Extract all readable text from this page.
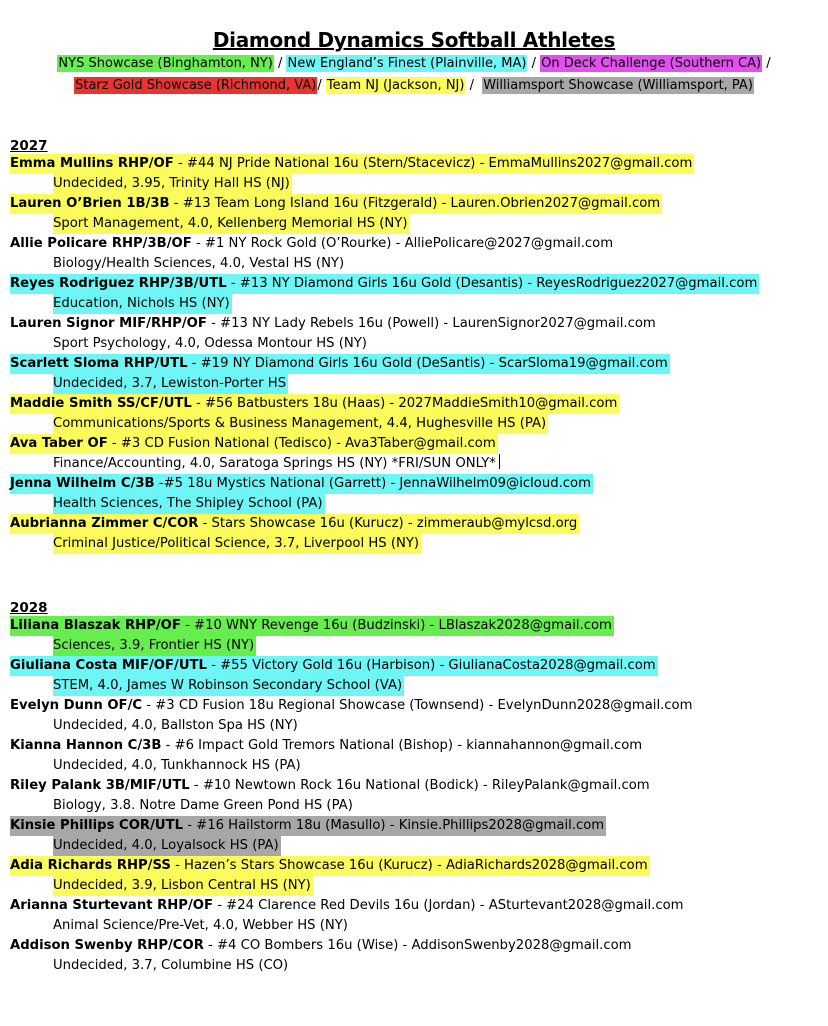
Diamond Dynamics Softball Athletes
NYS Showcase (Binghamton, NY) / New England’s Finest (Plainville, MA) / On Deck Challenge (Southern CA) /
Starz Gold Showcase (Richmond, VA)/ Team NJ (Jackson, NJ) /  Williamsport Showcase (Williamsport, PA)
2027
Emma Mullins RHP/OF - #44 NJ Pride National 16u (Stern/Stacevicz) - EmmaMullins2027@gmail.com
Undecided, 3.95, Trinity Hall HS (NJ)
Lauren O’Brien 1B/3B - #13 Team Long Island 16u (Fitzgerald) - Lauren.Obrien2027@gmail.com
Sport Management, 4.0, Kellenberg Memorial HS (NY)
Allie Policare RHP/3B/OF - #1 NY Rock Gold (O’Rourke) - AlliePolicare@2027@gmail.com
Biology/Health Sciences, 4.0, Vestal HS (NY)
Reyes Rodriguez RHP/3B/UTL - #13 NY Diamond Girls 16u Gold (Desantis) - ReyesRodriguez2027@gmail.com
Education, Nichols HS (NY)
Lauren Signor MIF/RHP/OF - #13 NY Lady Rebels 16u (Powell) - LaurenSignor2027@gmail.com
Sport Psychology, 4.0, Odessa Montour HS (NY)
Scarlett Sloma RHP/UTL - #19 NY Diamond Girls 16u Gold (DeSantis) - ScarSloma19@gmail.com
Undecided, 3.7, Lewiston-Porter HS
Maddie Smith SS/CF/UTL - #56 Batbusters 18u (Haas) - 2027MaddieSmith10@gmail.com
Communications/Sports & Business Management, 4.4, Hughesville HS (PA)
Ava Taber OF - #3 CD Fusion National (Tedisco) - Ava3Taber@gmail.com
Finance/Accounting, 4.0, Saratoga Springs HS (NY) *FRI/SUN ONLY*
Jenna Wilhelm C/3B -#5 18u Mystics National (Garrett) - JennaWilhelm09@icloud.com
Health Sciences, The Shipley School (PA)
Aubrianna Zimmer C/COR - Stars Showcase 16u (Kurucz) - zimmeraub@mylcsd.org
Criminal Justice/Political Science, 3.7, Liverpool HS (NY)
2028
Liliana Blaszak RHP/OF - #10 WNY Revenge 16u (Budzinski) - LBlaszak2028@gmail.com
Sciences, 3.9, Frontier HS (NY)
Giuliana Costa MIF/OF/UTL - #55 Victory Gold 16u (Harbison) - GiulianaCosta2028@gmail.com
STEM, 4.0, James W Robinson Secondary School (VA)
Evelyn Dunn OF/C - #3 CD Fusion 18u Regional Showcase (Townsend) - EvelynDunn2028@gmail.com
Undecided, 4.0, Ballston Spa HS (NY)
Kianna Hannon C/3B - #6 Impact Gold Tremors National (Bishop) - kiannahannon@gmail.com
Undecided, 4.0, Tunkhannock HS (PA)
Riley Palank 3B/MIF/UTL - #10 Newtown Rock 16u National (Bodick) - RileyPalank@gmail.com
Biology, 3.8. Notre Dame Green Pond HS (PA)
Kinsie Phillips COR/UTL - #16 Hailstorm 18u (Masullo) - Kinsie.Phillips2028@gmail.com
Undecided, 4.0, Loyalsock HS (PA)
Adia Richards RHP/SS - Hazen’s Stars Showcase 16u (Kurucz) - AdiaRichards2028@gmail.com
Undecided, 3.9, Lisbon Central HS (NY)
Arianna Sturtevant RHP/OF - #24 Clarence Red Devils 16u (Jordan) - ASturtevant2028@gmail.com
Animal Science/Pre-Vet, 4.0, Webber HS (NY)
Addison Swenby RHP/COR - #4 CO Bombers 16u (Wise) - AddisonSwenby2028@gmail.com
Undecided, 3.7, Columbine HS (CO)
